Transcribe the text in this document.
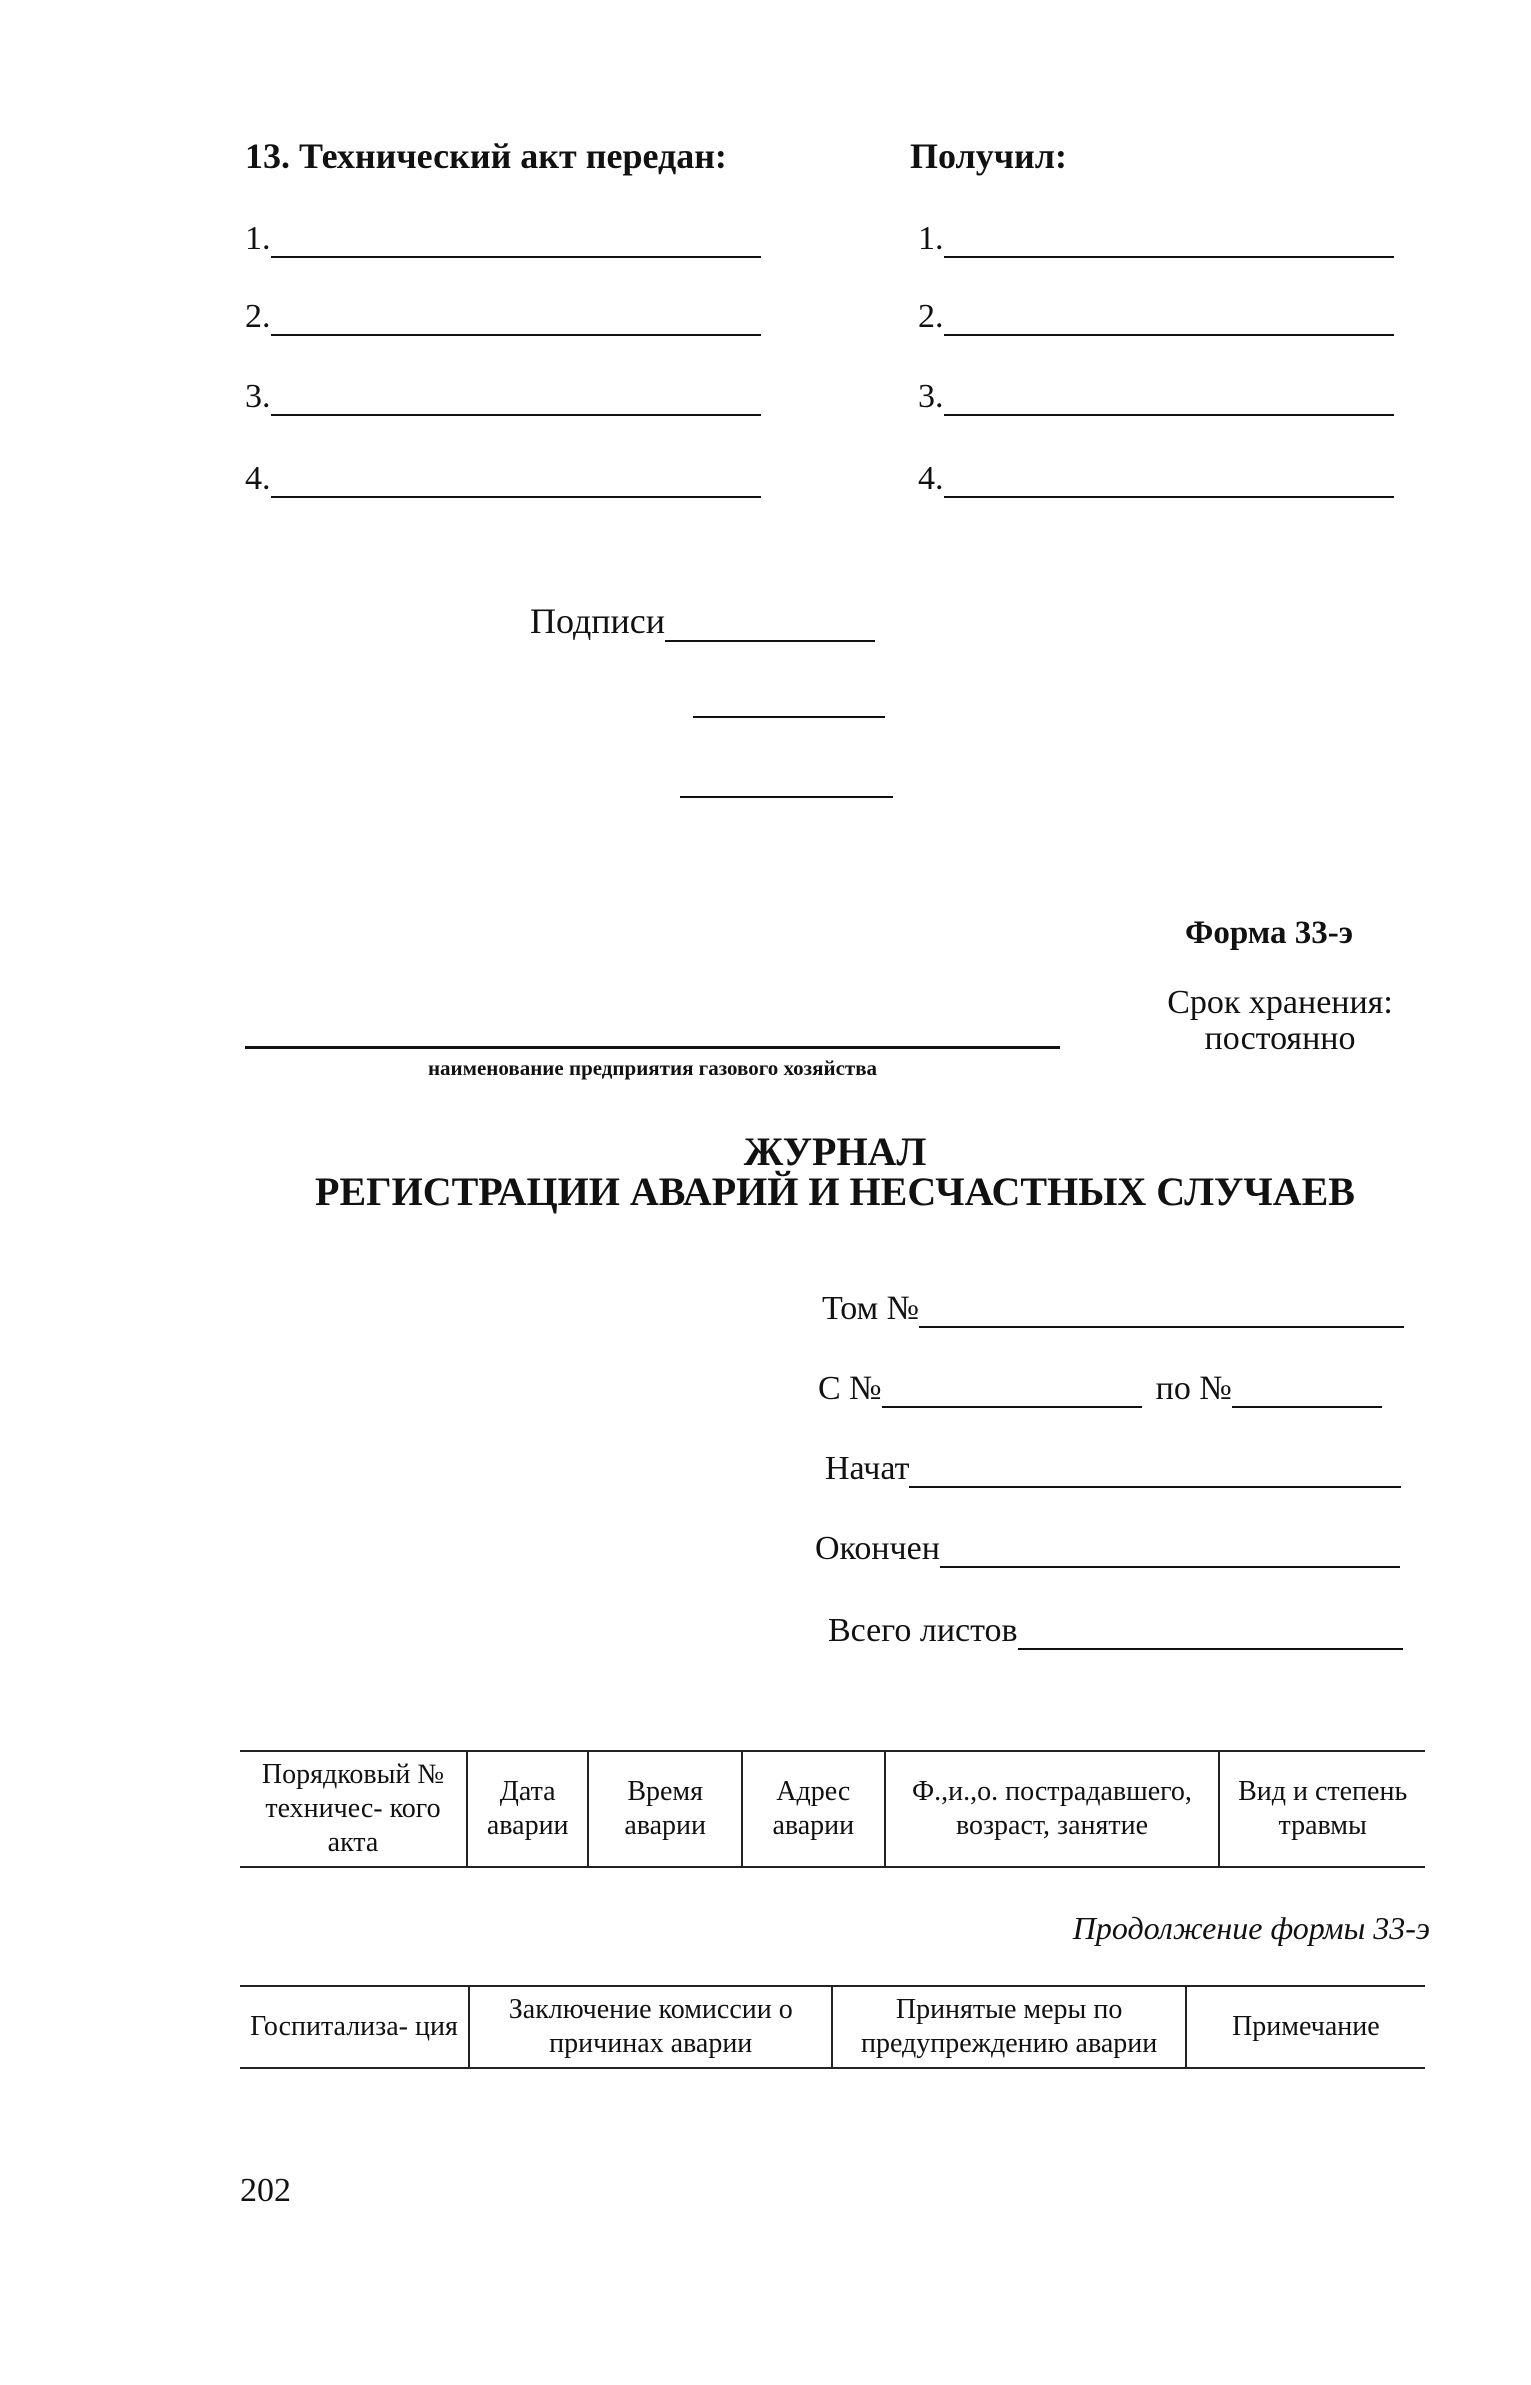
13. Технический акт передан:	Получил:
1.
2.
3.
4.
1.
2.
3.
4.
Подписи
Форма 33-э
Срок хранения:
постоянно
наименование предприятия газового хозяйства
ЖУРНАЛ
РЕГИСТРАЦИИ АВАРИЙ И НЕСЧАСТНЫХ СЛУЧАЕВ
Том №
С №	по №
Начат
Окончен
Всего листов
Порядковый № техничес- кого акта	Дата аварии	Время аварии	Адрес аварии	Ф.,и.,о. пострадавшего, возраст, занятие	Вид и степень травмы
Продолжение формы 33-э
Госпитализа- ция	Заключение комиссии о причинах аварии	Принятые меры по предупреждению аварии	Примечание
202
